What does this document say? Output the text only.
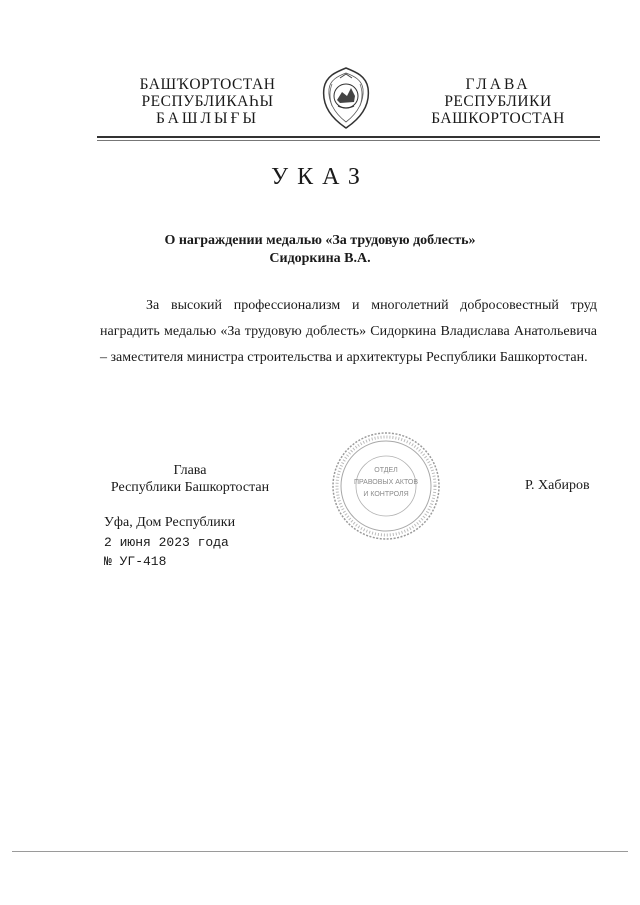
БАШҠОРТОСТАН
РЕСПУБЛИКАҺЫ
БАШЛЫҒЫ
ГЛАВА
РЕСПУБЛИКИ
БАШКОРТОСТАН
УКАЗ
О награждении медалью «За трудовую доблесть»
Сидоркина В.А.
За высокий профессионализм и многолетний добросовестный труд наградить медалью «За трудовую доблесть» Сидоркина Владислава Анатольевича – заместителя министра строительства и архитектуры Республики Башкортостан.
Глава
Республики Башкортостан
ОТДЕЛ
ПРАВОВЫХ АКТОВ
И КОНТРОЛЯ
Р. Хабиров
Уфа, Дом Республики
2 июня 2023 года
№ УГ-418
